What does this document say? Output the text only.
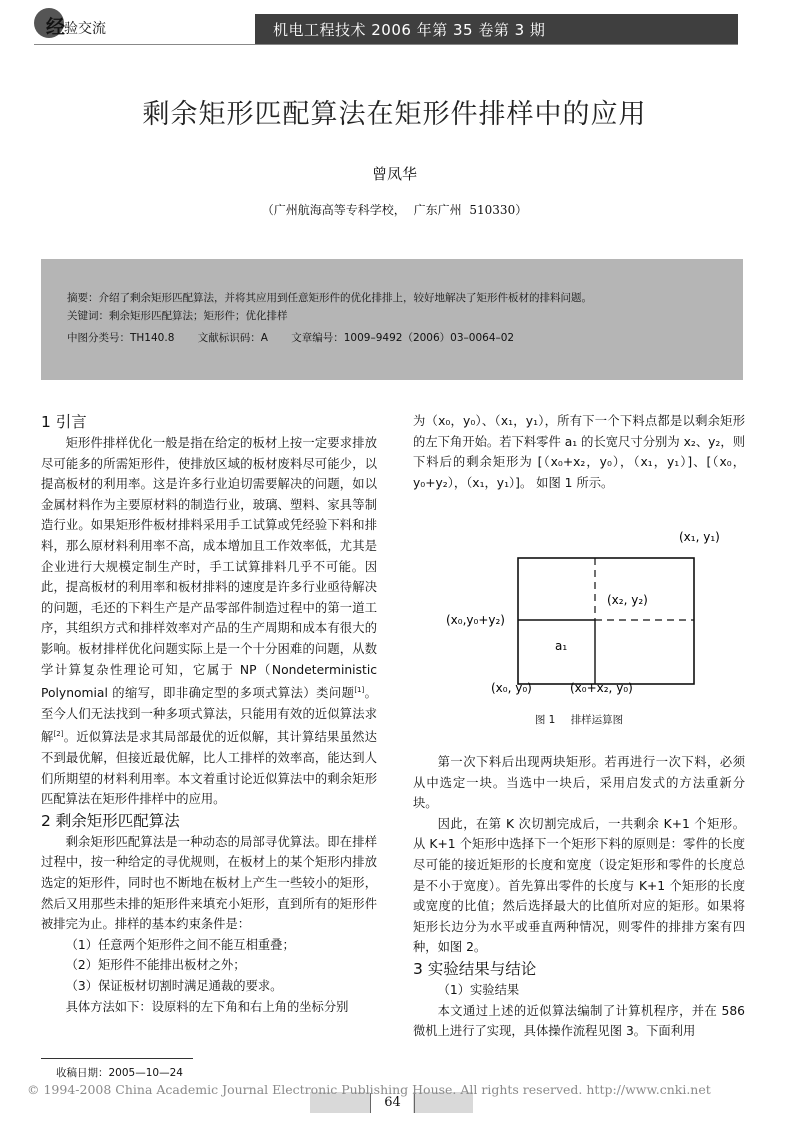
经
验交流	机电工程技术 2006 年第 35 卷第 3 期
剩余矩形匹配算法在矩形件排样中的应用
曾凤华
（广州航海高等专科学校， 广东广州 510330）
摘要：介绍了剩余矩形匹配算法，并将其应用到任意矩形件的优化排排上，较好地解决了矩形件板材的排料问题。
关键词：剩余矩形匹配算法；矩形件；优化排样
中图分类号：TH140.8 文献标识码：A 文章编号：1009–9492（2006）03–0064–02

1 引言

矩形件排样优化一般是指在给定的板材上按一定要求排放尽可能多的所需矩形件，使排放区域的板材废料尽可能少，以提高板材的利用率。这是许多行业迫切需要解决的问题，如以金属材料作为主要原材料的制造行业，玻璃、塑料、家具等制造行业。如果矩形件板材排料采用手工试算或凭经验下料和排料，那么原材料利用率不高，成本增加且工作效率低，尤其是企业进行大规模定制生产时，手工试算排料几乎不可能。因此，提高板材的利用率和板材排料的速度是许多行业亟待解决的问题，毛还的下料生产是产品零部件制造过程中的第一道工序，其组织方式和排样效率对产品的生产周期和成本有很大的影响。板材排样优化问题实际上是一个十分困难的问题，从数学计算复杂性理论可知，它属于 NP（Nondeterministic Polynomial 的缩写，即非确定型的多项式算法）类问题[1]。至今人们无法找到一种多项式算法，只能用有效的近似算法求解[2]。近似算法是求其局部最优的近似解，其计算结果虽然达不到最优解，但接近最优解，比人工排样的效率高，能达到人们所期望的材料利用率。本文着重讨论近似算法中的剩余矩形匹配算法在矩形件排样中的应用。

2 剩余矩形匹配算法

剩余矩形匹配算法是一种动态的局部寻优算法。即在排样过程中，按一种给定的寻优规则，在板材上的某个矩形内排放选定的矩形件，同时也不断地在板材上产生一些较小的矩形，然后又用那些未排的矩形件来填充小矩形，直到所有的矩形件被排完为止。排样的基本约束条件是：

（1）任意两个矩形件之间不能互相重叠；

（2）矩形件不能排出板材之外；

（3）保证板材切割时满足通裁的要求。

具体方法如下：设原料的左下角和右上角的坐标分别

为（x₀，y₀）、（x₁，y₁），所有下一个下料点都是以剩余矩形的左下角开始。若下料零件 a₁ 的长宽尺寸分别为 x₂、y₂，则下料后的剩余矩形为 [（x₀+x₂，y₀），（x₁，y₁）]、[（x₀，y₀+y₂），（x₁，y₁）]。 如图 1 所示。

(x₁, y₁)
(x₂, y₂)
(x₀,y₀+y₂)
a₁
(x₀, y₀)	(x₀+x₂, y₀)
图 1 排样运算图

第一次下料后出现两块矩形。若再进行一次下料，必须从中选定一块。当选中一块后，采用启发式的方法重新分块。

因此，在第 K 次切割完成后，一共剩余 K+1 个矩形。从 K+1 个矩形中选择下一个矩形下料的原则是：零件的长度尽可能的接近矩形的长度和宽度（设定矩形和零件的长度总是不小于宽度）。首先算出零件的长度与 K+1 个矩形的长度或宽度的比值；然后选择最大的比值所对应的矩形。如果将矩形长边分为水平或垂直两种情况，则零件的排排方案有四种，如图 2。

3 实验结果与结论

（1）实验结果

本文通过上述的近似算法编制了计算机程序，并在 586 微机上进行了实现，具体操作流程见图 3。下面利用

收稿日期：2005—10—24
64
© 1994-2008 China Academic Journal Electronic Publishing House. All rights reserved. http://www.cnki.net
